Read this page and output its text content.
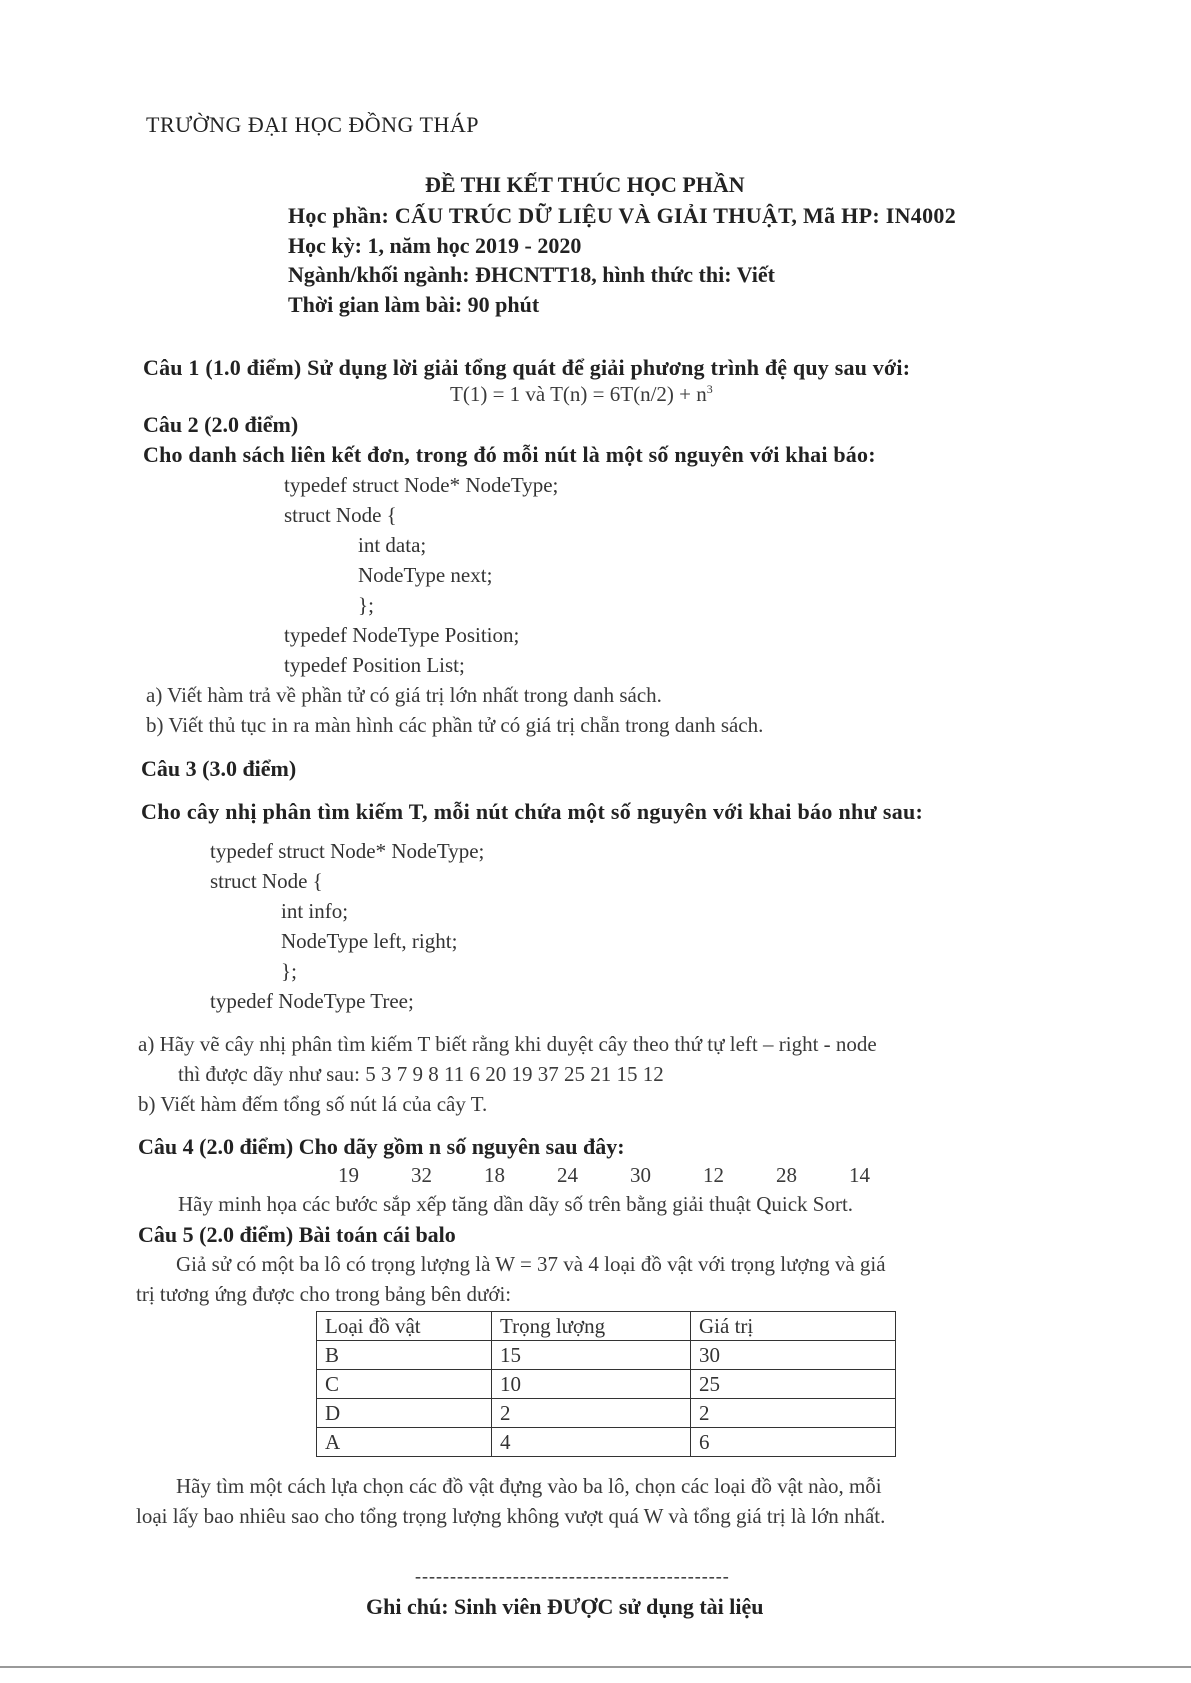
TRƯỜNG ĐẠI HỌC ĐỒNG THÁP
ĐỀ THI KẾT THÚC HỌC PHẦN
Học phần: CẤU TRÚC DỮ LIỆU VÀ GIẢI THUẬT, Mã HP: IN4002
Học kỳ: 1, năm học 2019 - 2020
Ngành/khối ngành: ĐHCNTT18, hình thức thi: Viết
Thời gian làm bài: 90 phút
Câu 1 (1.0 điểm) Sử dụng lời giải tổng quát để giải phương trình đệ quy sau với:
T(1) = 1 và $T(n) = 6T(n/2) + n^3$
Câu 2 (2.0 điểm)
Cho danh sách liên kết đơn, trong đó mỗi nút là một số nguyên với khai báo:
typedef struct Node* NodeType;
struct Node {
int data;
NodeType next;
};
typedef NodeType Position;
typedef Position List;
a) Viết hàm trả về phần tử có giá trị lớn nhất trong danh sách.
b) Viết thủ tục in ra màn hình các phần tử có giá trị chẵn trong danh sách.
Câu 3 (3.0 điểm)
Cho cây nhị phân tìm kiếm T, mỗi nút chứa một số nguyên với khai báo như sau:
typedef struct Node* NodeType;
struct Node {
int info;
NodeType left, right;
};
typedef NodeType Tree;
a) Hãy vẽ cây nhị phân tìm kiếm T biết rằng khi duyệt cây theo thứ tự left – right - node
thì được dãy như sau: 5 3 7 9 8 11 6 20 19 37 25 21 15 12
b) Viết hàm đếm tổng số nút lá của cây T.
Câu 4 (2.0 điểm) Cho dãy gồm n số nguyên sau đây:
19 32 18 24 30 12 28 14
Hãy minh họa các bước sắp xếp tăng dần dãy số trên bằng giải thuật Quick Sort.
Câu 5 (2.0 điểm) Bài toán cái balo
Giả sử có một ba lô có trọng lượng là W = 37 và 4 loại đồ vật với trọng lượng và giá
trị tương ứng được cho trong bảng bên dưới:
Loại đồ vật	Trọng lượng	Giá trị
B	15	30
C	10	25
D	2	2
A	4	6
Hãy tìm một cách lựa chọn các đồ vật đựng vào ba lô, chọn các loại đồ vật nào, mỗi
loại lấy bao nhiêu sao cho tổng trọng lượng không vượt quá W và tổng giá trị là lớn nhất.
---------------------------------------------
Ghi chú: Sinh viên ĐƯỢC sử dụng tài liệu
